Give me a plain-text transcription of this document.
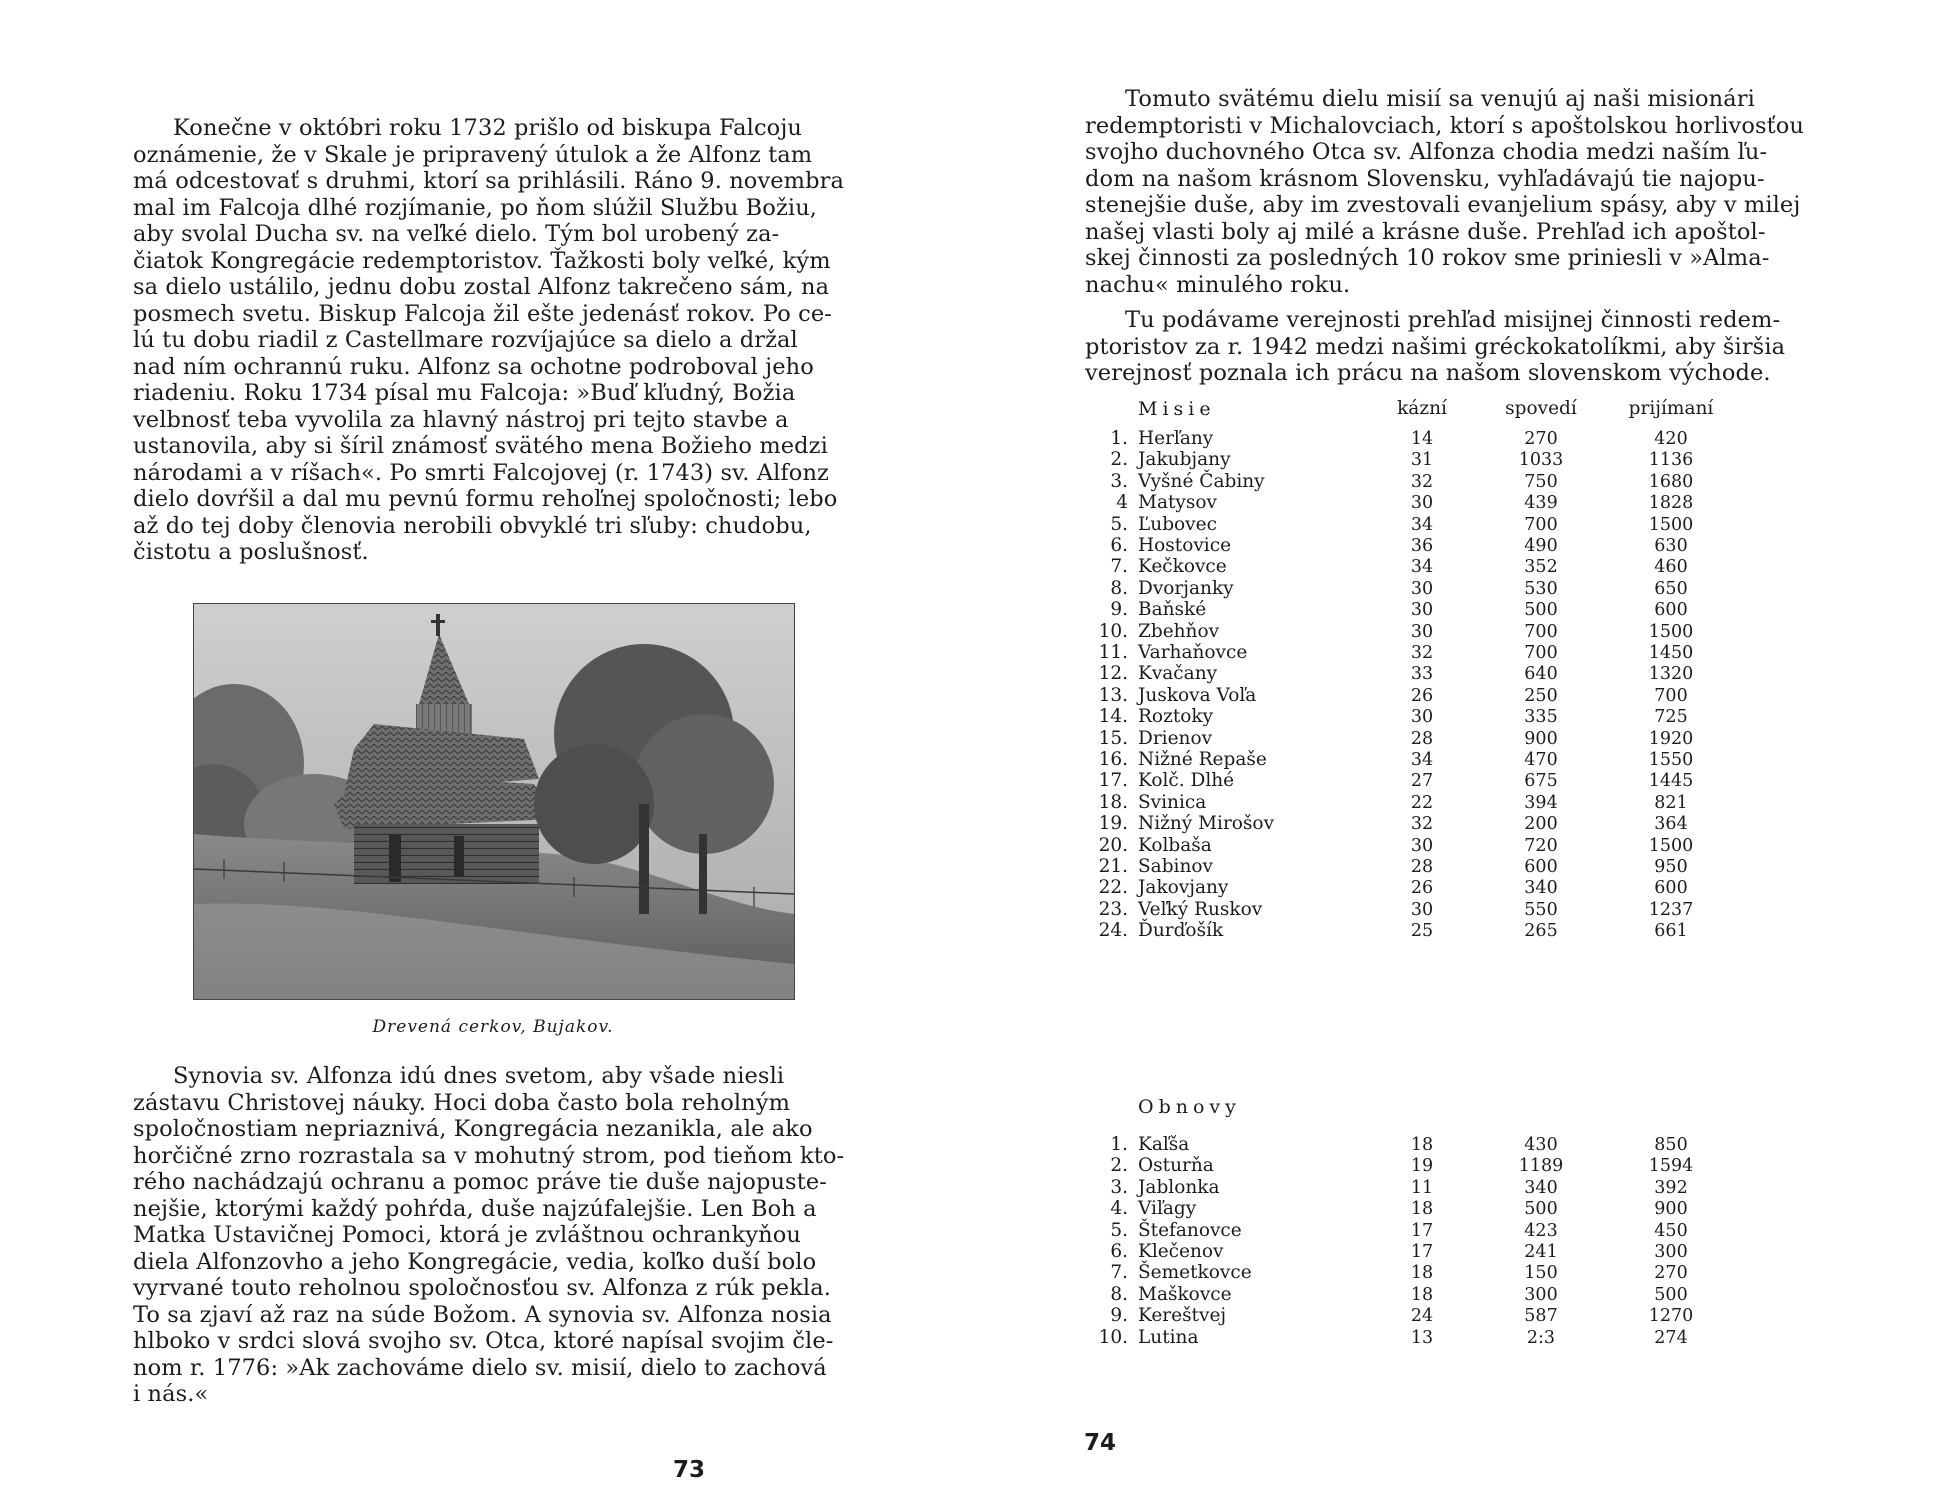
Konečne v októbri roku 1732 prišlo od biskupa Falcoju
oznámenie, že v Skale je pripravený útulok a že Alfonz tam
má odcestovať s druhmi, ktorí sa prihlásili. Ráno 9. novembra
mal im Falcoja dlhé rozjímanie, po ňom slúžil Službu Božiu,
aby svolal Ducha sv. na veľké dielo. Tým bol urobený za-
čiatok Kongregácie redemptoristov. Ťažkosti boly veľké, kým
sa dielo ustálilo, jednu dobu zostal Alfonz takrečeno sám, na
posmech svetu. Biskup Falcoja žil ešte jedenásť rokov. Po ce-
lú tu dobu riadil z Castellmare rozvíjajúce sa dielo a držal
nad ním ochrannú ruku. Alfonz sa ochotne podroboval jeho
riadeniu. Roku 1734 písal mu Falcoja: »Buď kľudný, Božia
velbnosť teba vyvolila za hlavný nástroj pri tejto stavbe a
ustanovila, aby si šíril známosť svätého mena Božieho medzi
národami a v ríšach«. Po smrti Falcojovej (r. 1743) sv. Alfonz
dielo dovŕšil a dal mu pevnú formu rehoľnej spoločnosti; lebo
až do tej doby členovia nerobili obvyklé tri sľuby: chudobu,
čistotu a poslušnosť.
Drevená cerkov, Bujakov.
Synovia sv. Alfonza idú dnes svetom, aby všade niesli
zástavu Christovej náuky. Hoci doba často bola reholným
spoločnostiam nepriaznivá, Kongregácia nezanikla, ale ako
horčičné zrno rozrastala sa v mohutný strom, pod tieňom kto-
rého nachádzajú ochranu a pomoc práve tie duše najopuste-
nejšie, ktorými každý pohŕda, duše najzúfalejšie. Len Boh a
Matka Ustavičnej Pomoci, ktorá je zvláštnou ochrankyňou
diela Alfonzovho a jeho Kongregácie, vedia, koľko duší bolo
vyrvané touto reholnou spoločnosťou sv. Alfonza z rúk pekla.
To sa zjaví až raz na súde Božom. A synovia sv. Alfonza nosia
hlboko v srdci slová svojho sv. Otca, ktoré napísal svojim čle-
nom r. 1776: »Ak zachováme dielo sv. misií, dielo to zachová
i nás.«
73
Tomuto svätému dielu misií sa venujú aj naši misionári
redemptoristi v Michalovciach, ktorí s apoštolskou horlivosťou
svojho duchovného Otca sv. Alfonza chodia medzi naším ľu-
dom na našom krásnom Slovensku, vyhľadávajú tie najopu-
stenejšie duše, aby im zvestovali evanjelium spásy, aby v milej
našej vlasti boly aj milé a krásne duše. Prehľad ich apoštol-
skej činnosti za posledných 10 rokov sme priniesli v »Alma-
nachu« minulého roku.
Tu podávame verejnosti prehľad misijnej činnosti redem-
ptoristov za r. 1942 medzi našimi gréckokatolíkmi, aby širšia
verejnosť poznala ich prácu na našom slovenskom východe.
Misie	kázní	spovedí	prijímaní
1. Herľany	14	270	420
2. Jakubjany	31	1033	1136
3. Vyšné Čabiny	32	750	1680
4 Matysov	30	439	1828
5. Ľubovec	34	700	1500
6. Hostovice	36	490	630
7. Kečkovce	34	352	460
8. Dvorjanky	30	530	650
9. Baňské	30	500	600
10. Zbehňov	30	700	1500
11. Varhaňovce	32	700	1450
12. Kvačany	33	640	1320
13. Juskova Voľa	26	250	700
14. Roztoky	30	335	725
15. Drienov	28	900	1920
16. Nižné Repaše	34	470	1550
17. Kolč. Dlhé	27	675	1445
18. Svinica	22	394	821
19. Nižný Mirošov	32	200	364
20. Kolbaša	30	720	1500
21. Sabinov	28	600	950
22. Jakovjany	26	340	600
23. Veľký Ruskov	30	550	1237
24. Ďurďošík	25	265	661
Obnovy
1. Kaľša	18	430	850
2. Osturňa	19	1189	1594
3. Jablonka	11	340	392
4. Viľagy	18	500	900
5. Štefanovce	17	423	450
6. Klečenov	17	241	300
7. Šemetkovce	18	150	270
8. Maškovce	18	300	500
9. Kereštvej	24	587	1270
10. Lutina	13	2:3	274
74
